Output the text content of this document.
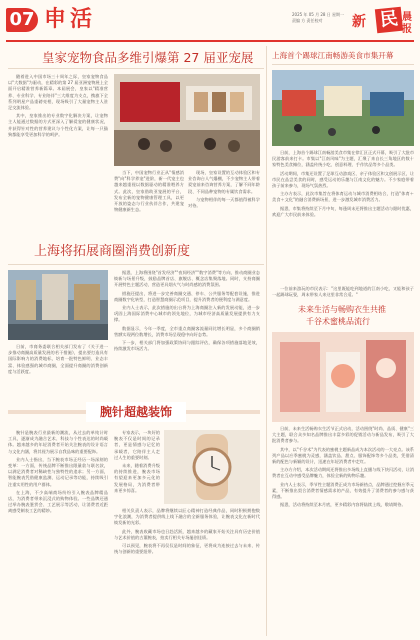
07 申活	2025 年 05 月 28 日 星期一
责编 方 责任校对	新 民 晨报
皇家宠物食品多维引爆第 27 届亚宠展

随着进入中国市场三十周年之际，皇家宠物食品以"大数据"为驱动，在精彩的第 27 届亚洲宠物展上全面开启精准营养新篇章。本届展会，皇家以"精准营养、专业科学、专业陪伴"三大维度为支点，携旗下全系列明星产品重磅亮相，现场吸引了大量宠物主人驻足交流体验。

其中，皇家推出的专业数字化解决方案，让宠物主人能通过数据的方式更深入了解爱宠的健康状况，并获得针对性的营养建议与个性化方案，让每一只猫狗都能享受更加科学的呵护。

当下，中国宠物行业正从"情感消费"向"科学养宠"进阶，新一代宠主也越来越重视以数据驱动的精准喂养方式。此次，皇家借助亚宠展的平台，发布全新的宠物健康管理工具，以更开放的姿态与行业伙伴合作，共建宠物健康新生态。

现场，皇家设置的互动体验区和专业咨询台人气爆棚，不少宠物主人带着爱宠前来咨询营养方案，了解不同年龄段、不同品种宠物的专属饮食需求。

与宠物相伴的每一天都值得被科学对待。

上海将拓展商圈消费创新度

日前，市商务委联合相关部门发布了《关于进一步推动商圈高质量发展的若干措施》，提出要打造具有国际影响力的消费地标，培育一批特色鲜明、业态丰富、体验感强的城市商圈，全面提升商圈的消费创新度与活跃度。

据悉，上海将围绕"首发经济""夜间经济""数字消费"等方向，推动商圈业态焕新与场景升级，鼓励品牌首店、旗舰店、概念店集聚落地。同时，支持商圈开展特色主题活动，营造更具烟火气与时尚感的消费氛围。

措施还提出，将进一步完善商圈交通、停车、公共服务等配套设施，推进商圈数字化转型，打造智慧商圈示范项目，提升消费者的便利度与满意度。

业内人士表示，此次措施的出台将为上海商圈注入新的发展动能，进一步巩固上海国际消费中心城市的领先地位，为城市经济高质量发展提供有力支撑。

数据显示，今年一季度，全市重点商圈客流量同比增长明显，多个商圈销售额实现两位数增长，消费市场呈现稳中向好态势。

下一步，相关部门将加强政策协同与跟踪评估，确保各项措施落地见效，持续激发市场活力。

腕针超越装饰

腕针是腕表行业最新的潮流，从过去的单纯计时工具，逐渐成为融合艺术、科技与个性表达的时尚载体。越来越多的年轻消费者开始关注腕表的设计语言与文化内涵，将其视为展示自我品味的重要配饰。

业内人士指出，当下腕表市场正经历一场深刻的变革：一方面，传统品牌不断推出限量款与联名款，以满足消费者对稀缺性与独特性的追求；另一方面，智能腕表凭借健康监测、运动记录等功能，持续吸引注重实用性的用户群体。

在上海，不少高端商场纷纷引入腕表品牌精品店，为消费者带来沉浸式的购物体验。一些品牌还通过举办腕表鉴赏会、工艺展示等活动，让消费者近距离感受制表工艺的精妙。

专家表示，一块好的腕表不仅是时间的记录者，更是情感与记忆的承载者，它陪伴主人走过人生的重要时刻。

未来，随着消费升级的持续推进，腕表市场有望迎来更加多元化的发展格局，为消费者带来更多惊喜。

相关负责人表示，品牌将继续以匠心精神打造经典作品，同时积极拥抱数字化浪潮，为消费者提供线上线下融合的全新服务体验，让腕表文化在新时代焕发新的光彩。

此外，腕表收藏市场也日趋活跃，越来越多的藏家开始关注具有历史价值与艺术价值的古董腕表，拍卖行相关专场屡创佳绩。

可以预见，腕表将不再仅仅是时间的象征，更将成为连接过去与未来、传统与创新的重要纽带。

上海首个踢球江南畅游美食市集开幕

日前，上海首个踢球江南畅游美食市集在徐汇区正式开幕，吸引了大批市民游客前来打卡。市集以"江南风味"为主题，汇聚了来自长三角地区的数十家特色美食摊位，涵盖传统小吃、创意料理、手作饮品等多个品类。

活动期间，市集还设置了足球互动游戏区、亲子体验区和文创展示区，让市民在品尝美食的同时，感受运动的乐趣与江南文化的魅力。不少家庭带着孩子前来参与，现场气氛热烈。

主办方表示，此次市集旨在将体育运动与城市消费相结合，打造"体育＋美食＋文化"的融合消费新场景，进一步激发城市消费活力。

据悉，市集将持续至下月中旬，每逢周末还将推出主题活动与限时优惠，欢迎广大市民前来体验。

一位前来游玩的市民表示："这里既能吃到地道的江南小吃，又能和孩子一起踢球玩耍，周末带家人来这里非常合适。"

未来生活与畅购衣生共推
千谷术蜜桃品流行

日前，未来生活畅购衣生活节正式启动，活动围绕"时尚、品质、健康"三大主题，联合众多知名品牌推出丰富多彩的促销活动与新品发布，吸引了大批消费者参与。

其中，以"千谷术"为代表的蜜桃主题新品成为本次活动的一大亮点。该系列产品以应季蜜桃为灵感，涵盖饮品、甜点、服饰配饰等多个品类，凭借清新的配色与新颖的设计，迅速在年轻消费者中走红。

主办方介绍，本次活动期间还将推出多场线上直播与线下快闪活动，让消费者在互动中感受品牌魅力，体验全新的购物乐趣。

业内人士表示，季节性主题消费正成为市场新热点，品牌通过挖掘应季元素，不断推出契合消费者情感需求的产品，有效提升了消费者的参与感与获得感。

据悉，活动将持续至本月底，更多精彩内容将陆续上线，敬请期待。
